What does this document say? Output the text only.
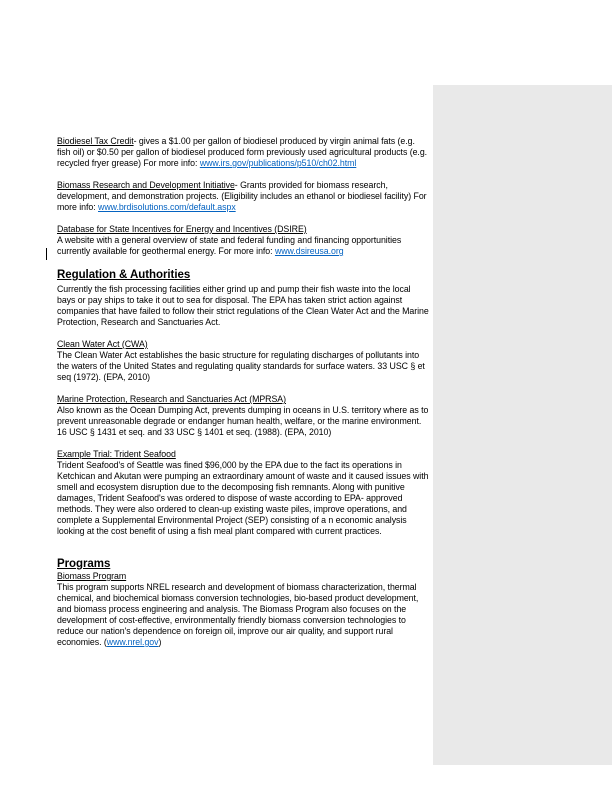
Biodiesel Tax Credit- gives a $1.00 per gallon of biodiesel produced by virgin animal fats (e.g. fish oil) or $0.50 per gallon of biodiesel produced form previously used agricultural products (e.g. recycled fryer grease) For more info: www.irs.gov/publications/p510/ch02.html

Biomass Research and Development Initiative- Grants provided for biomass research, development, and demonstration projects. (Eligibility includes an ethanol or biodiesel facility) For more info: www.brdisolutions.com/default.aspx

Database for State Incentives for Energy and Incentives (DSIRE)
A website with a general overview of state and federal funding and financing opportunities currently available for geothermal energy. For more info: www.dsireusa.org

Regulation & Authorities

Currently the fish processing facilities either grind up and pump their fish waste into the local bays or pay ships to take it out to sea for disposal. The EPA has taken strict action against companies that have failed to follow their strict regulations of the Clean Water Act and the Marine Protection, Research and Sanctuaries Act.

Clean Water Act (CWA)
The Clean Water Act establishes the basic structure for regulating discharges of pollutants into the waters of the United States and regulating quality standards for surface waters. 33 USC § et seq (1972). (EPA, 2010)

Marine Protection, Research and Sanctuaries Act (MPRSA)
Also known as the Ocean Dumping Act, prevents dumping in oceans in U.S. territory where as to prevent unreasonable degrade or endanger human health, welfare, or the marine environment. 16 USC § 1431 et seq. and 33 USC § 1401 et seq. (1988). (EPA, 2010)

Example Trial: Trident Seafood
Trident Seafood's of Seattle was fined $96,000 by the EPA due to the fact its operations in Ketchican and Akutan were pumping an extraordinary amount of waste and it caused issues with smell and ecosystem disruption due to the decomposing fish remnants. Along with punitive damages, Trident Seafood's was ordered to dispose of waste according to EPA- approved methods. They were also ordered to clean-up existing waste piles, improve operations, and complete a Supplemental Environmental Project (SEP) consisting of a n economic analysis looking at the cost benefit of using a fish meal plant compared with current practices.

Programs

Biomass Program
This program supports NREL research and development of biomass characterization, thermal chemical, and biochemical biomass conversion technologies, bio-based product development, and biomass process engineering and analysis. The Biomass Program also focuses on the development of cost-effective, environmentally friendly biomass conversion technologies to reduce our nation's dependence on foreign oil, improve our air quality, and support rural economies. (www.nrel.gov)
